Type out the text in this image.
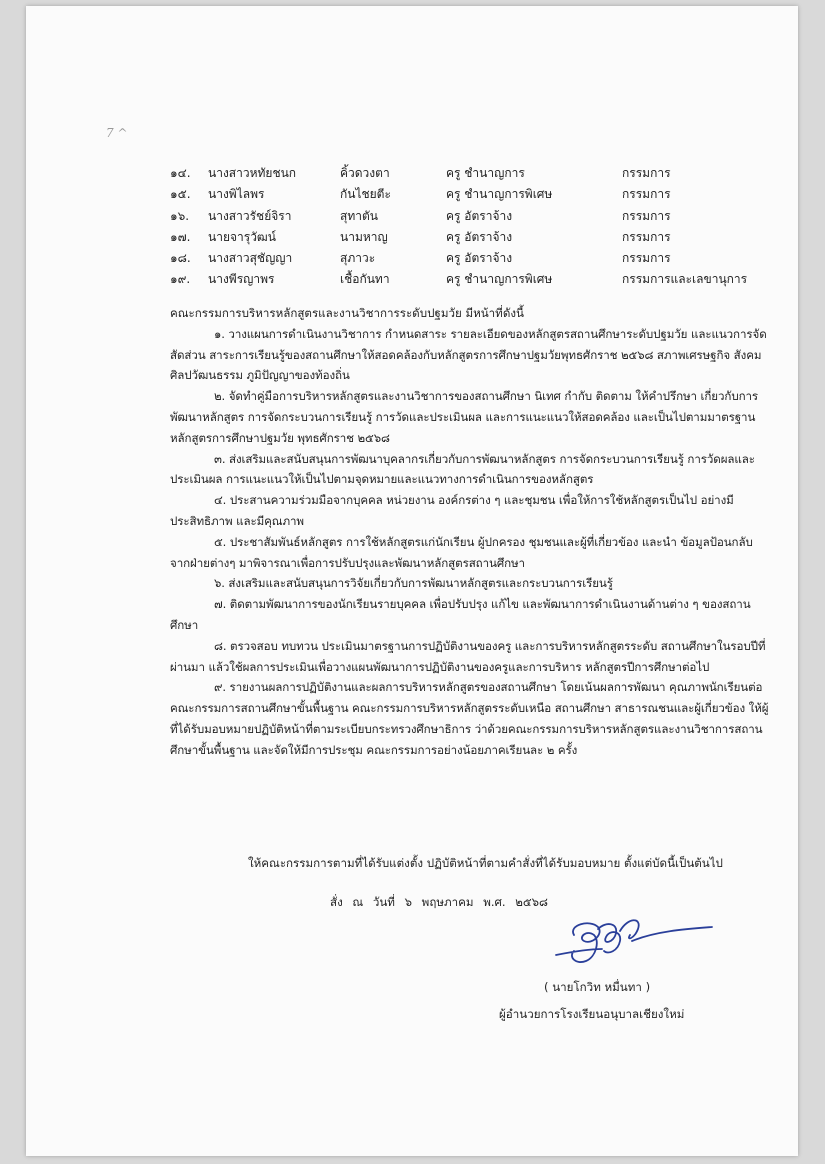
7 ^
๑๔. นางสาวหทัยชนก	คิ้วดวงตา	ครู ชำนาญการ	กรรมการ
๑๕. นางพิไลพร	กันไชยตีะ	ครู ชำนาญการพิเศษ	กรรมการ
๑๖. นางสาวรัชย์จิรา	สุทาตัน	ครู อัตราจ้าง	กรรมการ
๑๗. นายจารุวัฒน์	นามหาญ	ครู อัตราจ้าง	กรรมการ
๑๘. นางสาวสุชัญญา	สุภาวะ	ครู อัตราจ้าง	กรรมการ
๑๙. นางพีรญาพร	เชื้อกันทา	ครู ชำนาญการพิเศษ	กรรมการและเลขานุการ

คณะกรรมการบริหารหลักสูตรและงานวิชาการระดับปฐมวัย มีหน้าที่ดังนี้

๑. วางแผนการดำเนินงานวิชาการ กำหนดสาระ รายละเอียดของหลักสูตรสถานศึกษาระดับปฐมวัย และแนวการจัดสัดส่วน สาระการเรียนรู้ของสถานศึกษาให้สอดคล้องกับหลักสูตรการศึกษาปฐมวัยพุทธศักราช ๒๕๖๘ สภาพเศรษฐกิจ สังคม ศิลปวัฒนธรรม ภูมิปัญญาของท้องถิ่น

๒. จัดทำคู่มือการบริหารหลักสูตรและงานวิชาการของสถานศึกษา นิเทศ กำกับ ติดตาม ให้คำปรึกษา เกี่ยวกับการพัฒนาหลักสูตร การจัดกระบวนการเรียนรู้ การวัดและประเมินผล และการแนะแนวให้สอดคล้อง และเป็นไปตามมาตรฐานหลักสูตรการศึกษาปฐมวัย พุทธศักราช ๒๕๖๘

๓. ส่งเสริมและสนับสนุนการพัฒนาบุคลากรเกี่ยวกับการพัฒนาหลักสูตร การจัดกระบวนการเรียนรู้ การวัดผลและประเมินผล การแนะแนวให้เป็นไปตามจุดหมายและแนวทางการดำเนินการของหลักสูตร

๔. ประสานความร่วมมือจากบุคคล หน่วยงาน องค์กรต่าง ๆ และชุมชน เพื่อให้การใช้หลักสูตรเป็นไป อย่างมีประสิทธิภาพ และมีคุณภาพ

๕. ประชาสัมพันธ์หลักสูตร การใช้หลักสูตรแก่นักเรียน ผู้ปกครอง ชุมชนและผู้ที่เกี่ยวข้อง และนำ ข้อมูลป้อนกลับ จากฝ่ายต่างๆ มาพิจารณาเพื่อการปรับปรุงและพัฒนาหลักสูตรสถานศึกษา

๖. ส่งเสริมและสนับสนุนการวิจัยเกี่ยวกับการพัฒนาหลักสูตรและกระบวนการเรียนรู้

๗. ติดตามพัฒนาการของนักเรียนรายบุคคล เพื่อปรับปรุง แก้ไข และพัฒนาการดำเนินงานด้านต่าง ๆ ของสถานศึกษา

๘. ตรวจสอบ ทบทวน ประเมินมาตรฐานการปฏิบัติงานของครู และการบริหารหลักสูตรระดับ สถานศึกษาในรอบปีที่ผ่านมา แล้วใช้ผลการประเมินเพื่อวางแผนพัฒนาการปฏิบัติงานของครูและการบริหาร หลักสูตรปีการศึกษาต่อไป

๙. รายงานผลการปฏิบัติงานและผลการบริหารหลักสูตรของสถานศึกษา โดยเน้นผลการพัฒนา คุณภาพนักเรียนต่อ คณะกรรมการสถานศึกษาขั้นพื้นฐาน คณะกรรมการบริหารหลักสูตรระดับเหนือ สถานศึกษา สาธารณชนและผู้เกี่ยวข้อง ให้ผู้ที่ได้รับมอบหมายปฏิบัติหน้าที่ตามระเบียบกระทรวงศึกษาธิการ ว่าด้วยคณะกรรมการบริหารหลักสูตรและงานวิชาการสถานศึกษาขั้นพื้นฐาน และจัดให้มีการประชุม คณะกรรมการอย่างน้อยภาคเรียนละ ๒ ครั้ง

ให้คณะกรรมการตามที่ได้รับแต่งตั้ง ปฏิบัติหน้าที่ตามคำสั่งที่ได้รับมอบหมาย ตั้งแต่บัดนี้เป็นต้นไป
สั่ง ณ วันที่ ๖ พฤษภาคม พ.ศ. ๒๕๖๘
( นายโกวิท หมื่นทา )
ผู้อำนวยการโรงเรียนอนุบาลเชียงใหม่
